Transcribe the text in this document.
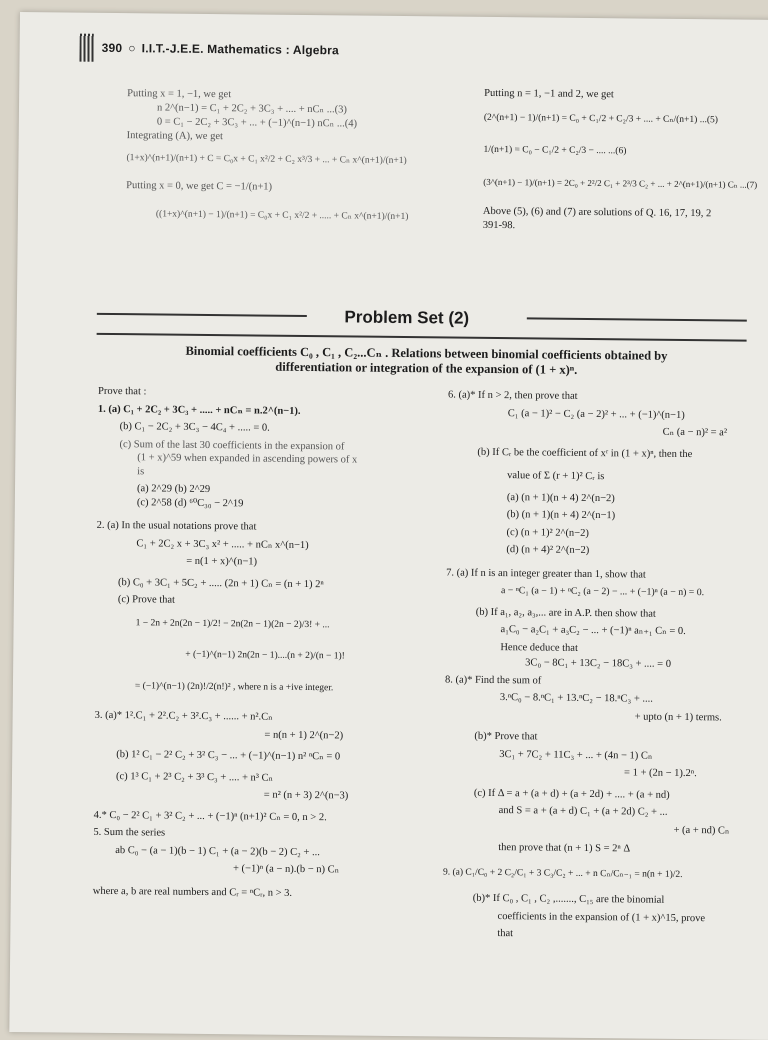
390 ○ I.I.T.-J.E.E. Mathematics : Algebra
Putting x = 1, −1, we get
n 2^(n−1) = C₁ + 2C₂ + 3C₃ + .... + nCₙ ...(3)
0 = C₁ − 2C₂ + 3C₃ + ... + (−1)^(n−1) nCₙ ...(4)
Integrating (A), we get
(1+x)^(n+1)/(n+1) + C = C₀x + C₁ x²/2 + C₂ x³/3 + ... + Cₙ x^(n+1)/(n+1)
Putting x = 0, we get C = −1/(n+1)
((1+x)^(n+1) − 1)/(n+1) = C₀x + C₁ x²/2 + ..... + Cₙ x^(n+1)/(n+1)
Putting n = 1, −1 and 2, we get
(2^(n+1) − 1)/(n+1) = C₀ + C₁/2 + C₂/3 + .... + Cₙ/(n+1) ...(5)
1/(n+1) = C₀ − C₁/2 + C₂/3 − .... ...(6)
(3^(n+1) − 1)/(n+1) = 2C₀ + 2²/2 C₁ + 2³/3 C₂ + ... + 2^(n+1)/(n+1) Cₙ ...(7)
Above (5), (6) and (7) are solutions of Q. 16, 17, 19, 2
391-98.
Problem Set (2)
Binomial coefficients C₀ , C₁ , C₂...Cₙ . Relations between binomial coefficients obtained by
differentiation or integration of the expansion of (1 + x)ⁿ.
Prove that :
1. (a) C₁ + 2C₂ + 3C₃ + ..... + nCₙ = n.2^(n−1).
(b) C₁ − 2C₂ + 3C₃ − 4C₄ + ..... = 0.
(c) Sum of the last 30 coefficients in the expansion of
(1 + x)^59 when expanded in ascending powers of x
is
(a) 2^29 (b) 2^29
(c) 2^58 (d) ⁶⁰C₃₀ − 2^19
2. (a) In the usual notations prove that
C₁ + 2C₂ x + 3C₃ x² + ..... + nCₙ x^(n−1)
= n(1 + x)^(n−1)
(b) C₀ + 3C₁ + 5C₂ + ..... (2n + 1) Cₙ = (n + 1) 2ⁿ
(c) Prove that
1 − 2n + 2n(2n − 1)/2! − 2n(2n − 1)(2n − 2)/3! + ...
+ (−1)^(n−1) 2n(2n − 1)....(n + 2)/(n − 1)!
= (−1)^(n−1) (2n)!/2(n!)² , where n is a +ive integer.
3. (a)* 1².C₁ + 2².C₂ + 3².C₃ + ...... + n².Cₙ
= n(n + 1) 2^(n−2)
(b) 1² C₁ − 2² C₂ + 3² C₃ − ... + (−1)^(n−1) n² ⁿCₙ = 0
(c) 1³ C₁ + 2³ C₂ + 3³ C₃ + .... + n³ Cₙ
= n² (n + 3) 2^(n−3)
4.* C₀ − 2² C₁ + 3² C₂ + ... + (−1)ⁿ (n+1)² Cₙ = 0, n > 2.
5. Sum the series
ab C₀ − (a − 1)(b − 1) C₁ + (a − 2)(b − 2) C₂ + ...
+ (−1)ⁿ (a − n).(b − n) Cₙ
where a, b are real numbers and Cᵣ = ⁿCᵣ, n > 3.
6. (a)* If n > 2, then prove that
C₁ (a − 1)² − C₂ (a − 2)² + ... + (−1)^(n−1)
Cₙ (a − n)² = a²
(b) If Cᵣ be the coefficient of xʳ in (1 + x)ⁿ, then the
value of Σ (r + 1)² Cᵣ is
(a) (n + 1)(n + 4) 2^(n−2)
(b) (n + 1)(n + 4) 2^(n−1)
(c) (n + 1)² 2^(n−2)
(d) (n + 4)² 2^(n−2)
7. (a) If n is an integer greater than 1, show that
a − ⁿC₁ (a − 1) + ⁿC₂ (a − 2) − ... + (−1)ⁿ (a − n) = 0.
(b) If a₁, a₂, a₃,... are in A.P. then show that
a₁C₀ − a₂C₁ + a₃C₂ − ... + (−1)ⁿ aₙ₊₁ Cₙ = 0.
Hence deduce that
3C₀ − 8C₁ + 13C₂ − 18C₃ + .... = 0
8. (a)* Find the sum of
3.ⁿC₀ − 8.ⁿC₁ + 13.ⁿC₂ − 18.ⁿC₃ + ....
+ upto (n + 1) terms.
(b)* Prove that
3C₁ + 7C₂ + 11C₃ + ... + (4n − 1) Cₙ
= 1 + (2n − 1).2ⁿ.
(c) If Δ = a + (a + d) + (a + 2d) + .... + (a + nd)
and S = a + (a + d) C₁ + (a + 2d) C₂ + ...
+ (a + nd) Cₙ
then prove that (n + 1) S = 2ⁿ Δ
9. (a) C₁/C₀ + 2 C₂/C₁ + 3 C₃/C₂ + ... + n Cₙ/Cₙ₋₁ = n(n + 1)/2.
(b)* If C₀ , C₁ , C₂ ,......., C₁₅ are the binomial
coefficients in the expansion of (1 + x)^15, prove
that
